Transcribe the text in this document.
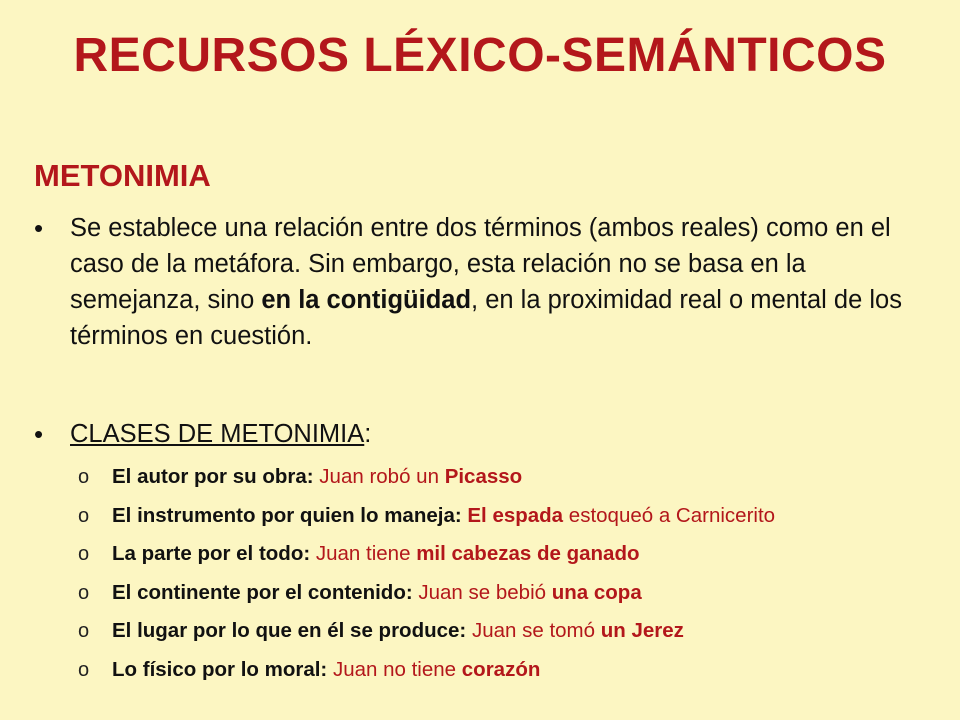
RECURSOS LÉXICO-SEMÁNTICOS
METONIMIA
• Se establece una relación entre dos términos (ambos reales) como en el caso de la metáfora. Sin embargo, esta relación no se basa en la semejanza, sino en la contigüidad, en la proximidad real o mental de los términos en cuestión.
• CLASES DE METONIMIA:
o	El autor por su obra: Juan robó un Picasso
o	El instrumento por quien lo maneja:
El espada estoqueó a Carnicerito
o	La parte por el todo: Juan tiene mil cabezas de ganado
o	El continente por el contenido: Juan se bebió una copa
o	El lugar por lo que en él se produce: Juan se tomó un Jerez
o	Lo físico por lo moral: Juan no tiene corazón
